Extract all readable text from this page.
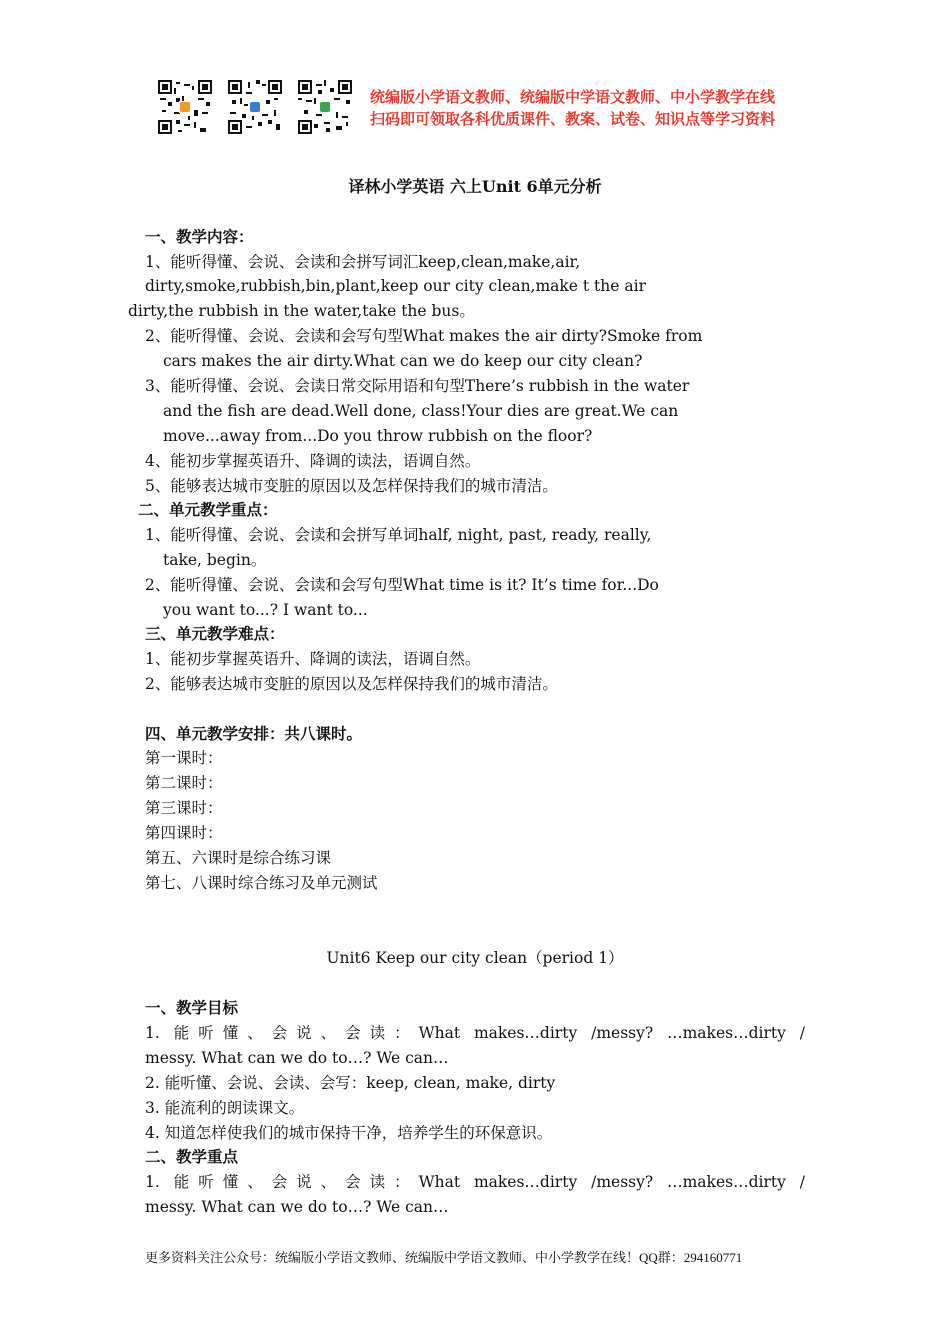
统编版小学语文教师、统编版中学语文教师、中小学教学在线
扫码即可领取各科优质课件、教案、试卷、知识点等学习资料
译林小学英语 六上Unit 6单元分析
一、教学内容：
1、能听得懂、会说、会读和会拼写词汇keep,clean,make,air,
dirty,smoke,rubbish,bin,plant,keep our city clean,make t the air
dirty,the rubbish in the water,take the bus。
2、能听得懂、会说、会读和会写句型What makes the air dirty?Smoke from
cars makes the air dirty.What can we do keep our city clean?
3、能听得懂、会说、会读日常交际用语和句型There’s rubbish in the water
and the fish are dead.Well done, class!Your dies are great.We can
move...away from...Do you throw rubbish on the floor?
4、能初步掌握英语升、降调的读法，语调自然。
5、能够表达城市变脏的原因以及怎样保持我们的城市清洁。
二、单元教学重点：
1、能听得懂、会说、会读和会拼写单词half, night, past, ready, really,
take, begin。
2、能听得懂、会说、会读和会写句型What time is it? It’s time for...Do
you want to...? I want to...
三、单元教学难点：
1、能初步掌握英语升、降调的读法，语调自然。
2、能够表达城市变脏的原因以及怎样保持我们的城市清洁。
四、单元教学安排：共八课时。
第一课时：
第二课时：
第三课时：
第四课时：
第五、六课时是综合练习课
第七、八课时综合练习及单元测试
Unit6 Keep our city clean（period 1）
一、教学目标
1. 能听懂、会说、会读：What makes…dirty /messy? …makes…dirty /
messy. What can we do to…? We can…
2. 能听懂、会说、会读、会写：keep, clean, make, dirty
3. 能流利的朗读课文。
4. 知道怎样使我们的城市保持干净，培养学生的环保意识。
二、教学重点
1. 能听懂、会说、会读：What makes…dirty /messy? …makes…dirty /
messy. What can we do to…? We can…
更多资料关注公众号：统编版小学语文教师、统编版中学语文教师、中小学教学在线！QQ群：294160771
